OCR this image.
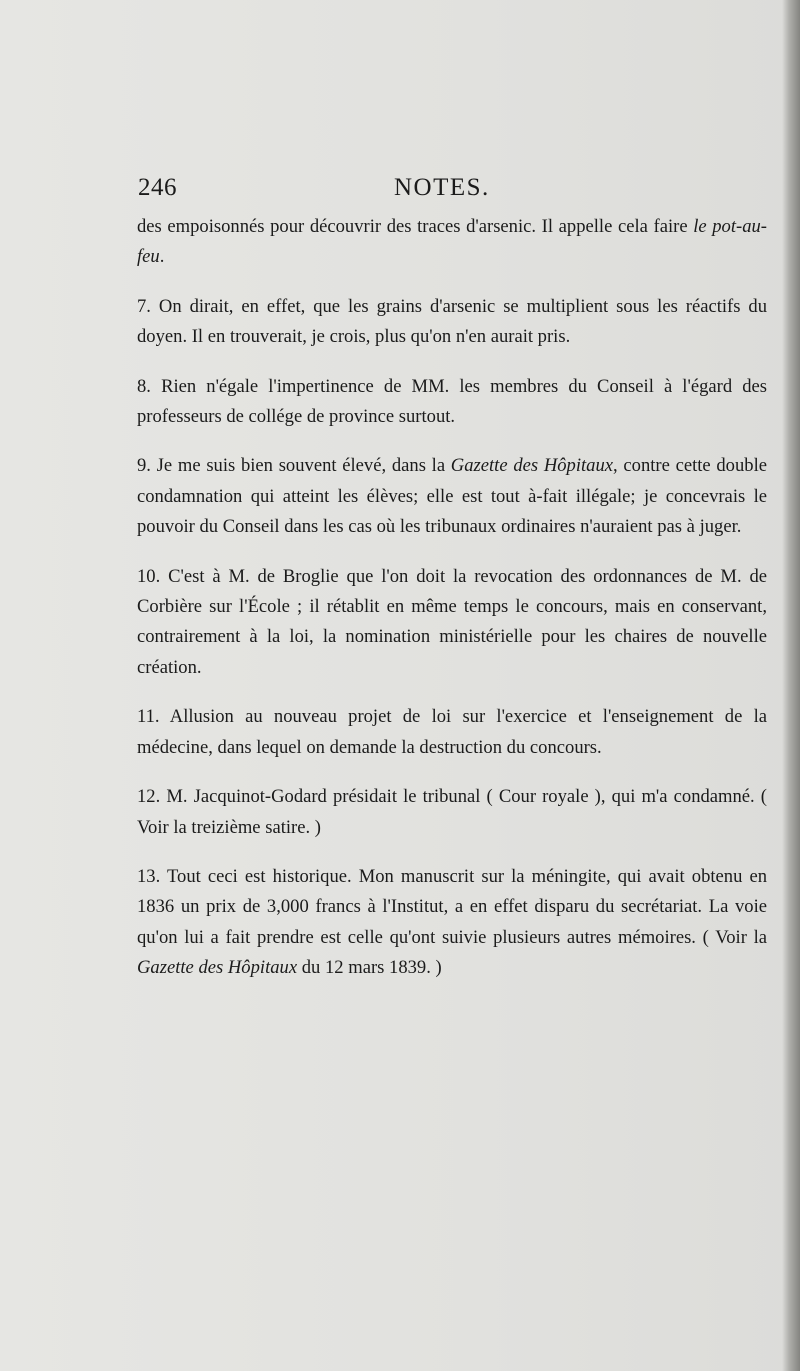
246	NOTES.

des empoisonnés pour découvrir des traces d'arsenic. Il appelle cela faire le pot-au-feu.

7. On dirait, en effet, que les grains d'arsenic se multiplient sous les réactifs du doyen. Il en trouverait, je crois, plus qu'on n'en aurait pris.

8. Rien n'égale l'impertinence de MM. les membres du Conseil à l'égard des professeurs de collége de province surtout.

9. Je me suis bien souvent élevé, dans la Gazette des Hôpitaux, contre cette double condamnation qui atteint les élèves; elle est tout à-fait illégale; je concevrais le pouvoir du Conseil dans les cas où les tribunaux ordinaires n'auraient pas à juger.

10. C'est à M. de Broglie que l'on doit la revocation des ordonnances de M. de Corbière sur l'École ; il rétablit en même temps le concours, mais en conservant, contrairement à la loi, la nomination ministérielle pour les chaires de nouvelle création.

11. Allusion au nouveau projet de loi sur l'exercice et l'enseignement de la médecine, dans lequel on demande la destruction du concours.

12. M. Jacquinot-Godard présidait le tribunal ( Cour royale ), qui m'a condamné. ( Voir la treizième satire. )

13. Tout ceci est historique. Mon manuscrit sur la méningite, qui avait obtenu en 1836 un prix de 3,000 francs à l'Institut, a en effet disparu du secrétariat. La voie qu'on lui a fait prendre est celle qu'ont suivie plusieurs autres mémoires. ( Voir la Gazette des Hôpitaux du 12 mars 1839. )
